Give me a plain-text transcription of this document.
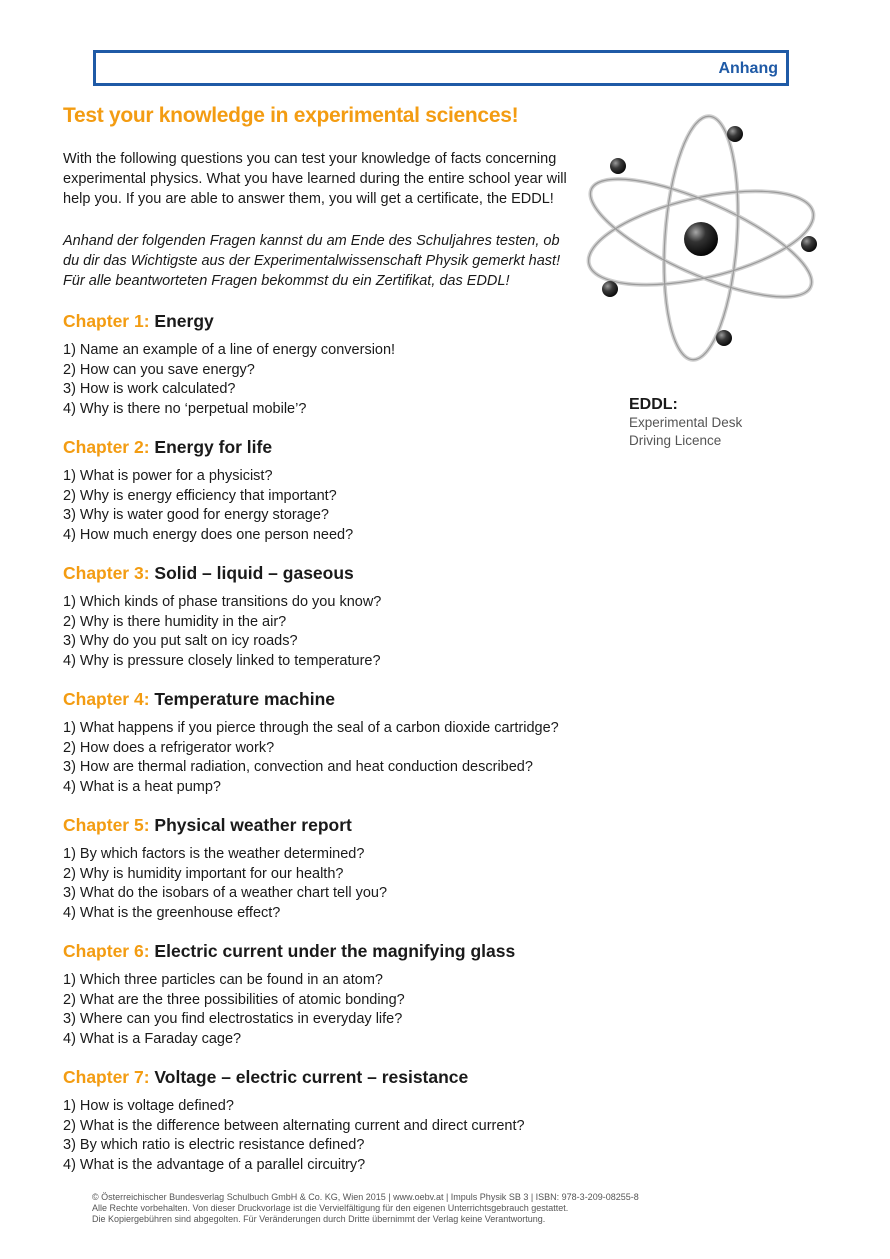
Anhang
Test your knowledge in experimental sciences!

With the following questions you can test your knowledge of facts concerning experimental physics. What you have learned during the entire school year will help you. If you are able to answer them, you will get a certificate, the EDDL!

Anhand der folgenden Fragen kannst du am Ende des Schuljahres testen, ob du dir das Wichtigste aus der Experimentalwissenschaft Physik gemerkt hast! Für alle beantworteten Fragen bekommst du ein Zertifikat, das EDDL!

Chapter 1: Energy
1) Name an example of a line of energy conversion!
2) How can you save energy?
3) How is work calculated?
4) Why is there no ‘perpetual mobile’?
Chapter 2: Energy for life
1) What is power for a physicist?
2) Why is energy efficiency that important?
3) Why is water good for energy storage?
4) How much energy does one person need?
Chapter 3: Solid – liquid – gaseous
1) Which kinds of phase transitions do you know?
2) Why is there humidity in the air?
3) Why do you put salt on icy roads?
4) Why is pressure closely linked to temperature?
Chapter 4: Temperature machine
1) What happens if you pierce through the seal of a carbon dioxide cartridge?
2) How does a refrigerator work?
3) How are thermal radiation, convection and heat conduction described?
4) What is a heat pump?
Chapter 5: Physical weather report
1) By which factors is the weather determined?
2) Why is humidity important for our health?
3) What do the isobars of a weather chart tell you?
4) What is the greenhouse effect?
Chapter 6: Electric current under the magnifying glass
1) Which three particles can be found in an atom?
2) What are the three possibilities of atomic bonding?
3) Where can you find electrostatics in everyday life?
4) What is a Faraday cage?
Chapter 7: Voltage – electric current – resistance
1) How is voltage defined?
2) What is the difference between alternating current and direct current?
3) By which ratio is electric resistance defined?
4) What is the advantage of a parallel circuitry?
EDDL:
Experimental Desk
Driving Licence
© Österreichischer Bundesverlag Schulbuch GmbH & Co. KG, Wien 2015 | www.oebv.at | Impuls Physik SB 3 | ISBN: 978-3-209-08255-8
Alle Rechte vorbehalten. Von dieser Druckvorlage ist die Vervielfältigung für den eigenen Unterrichtsgebrauch gestattet.
Die Kopiergebühren sind abgegolten. Für Veränderungen durch Dritte übernimmt der Verlag keine Verantwortung.
